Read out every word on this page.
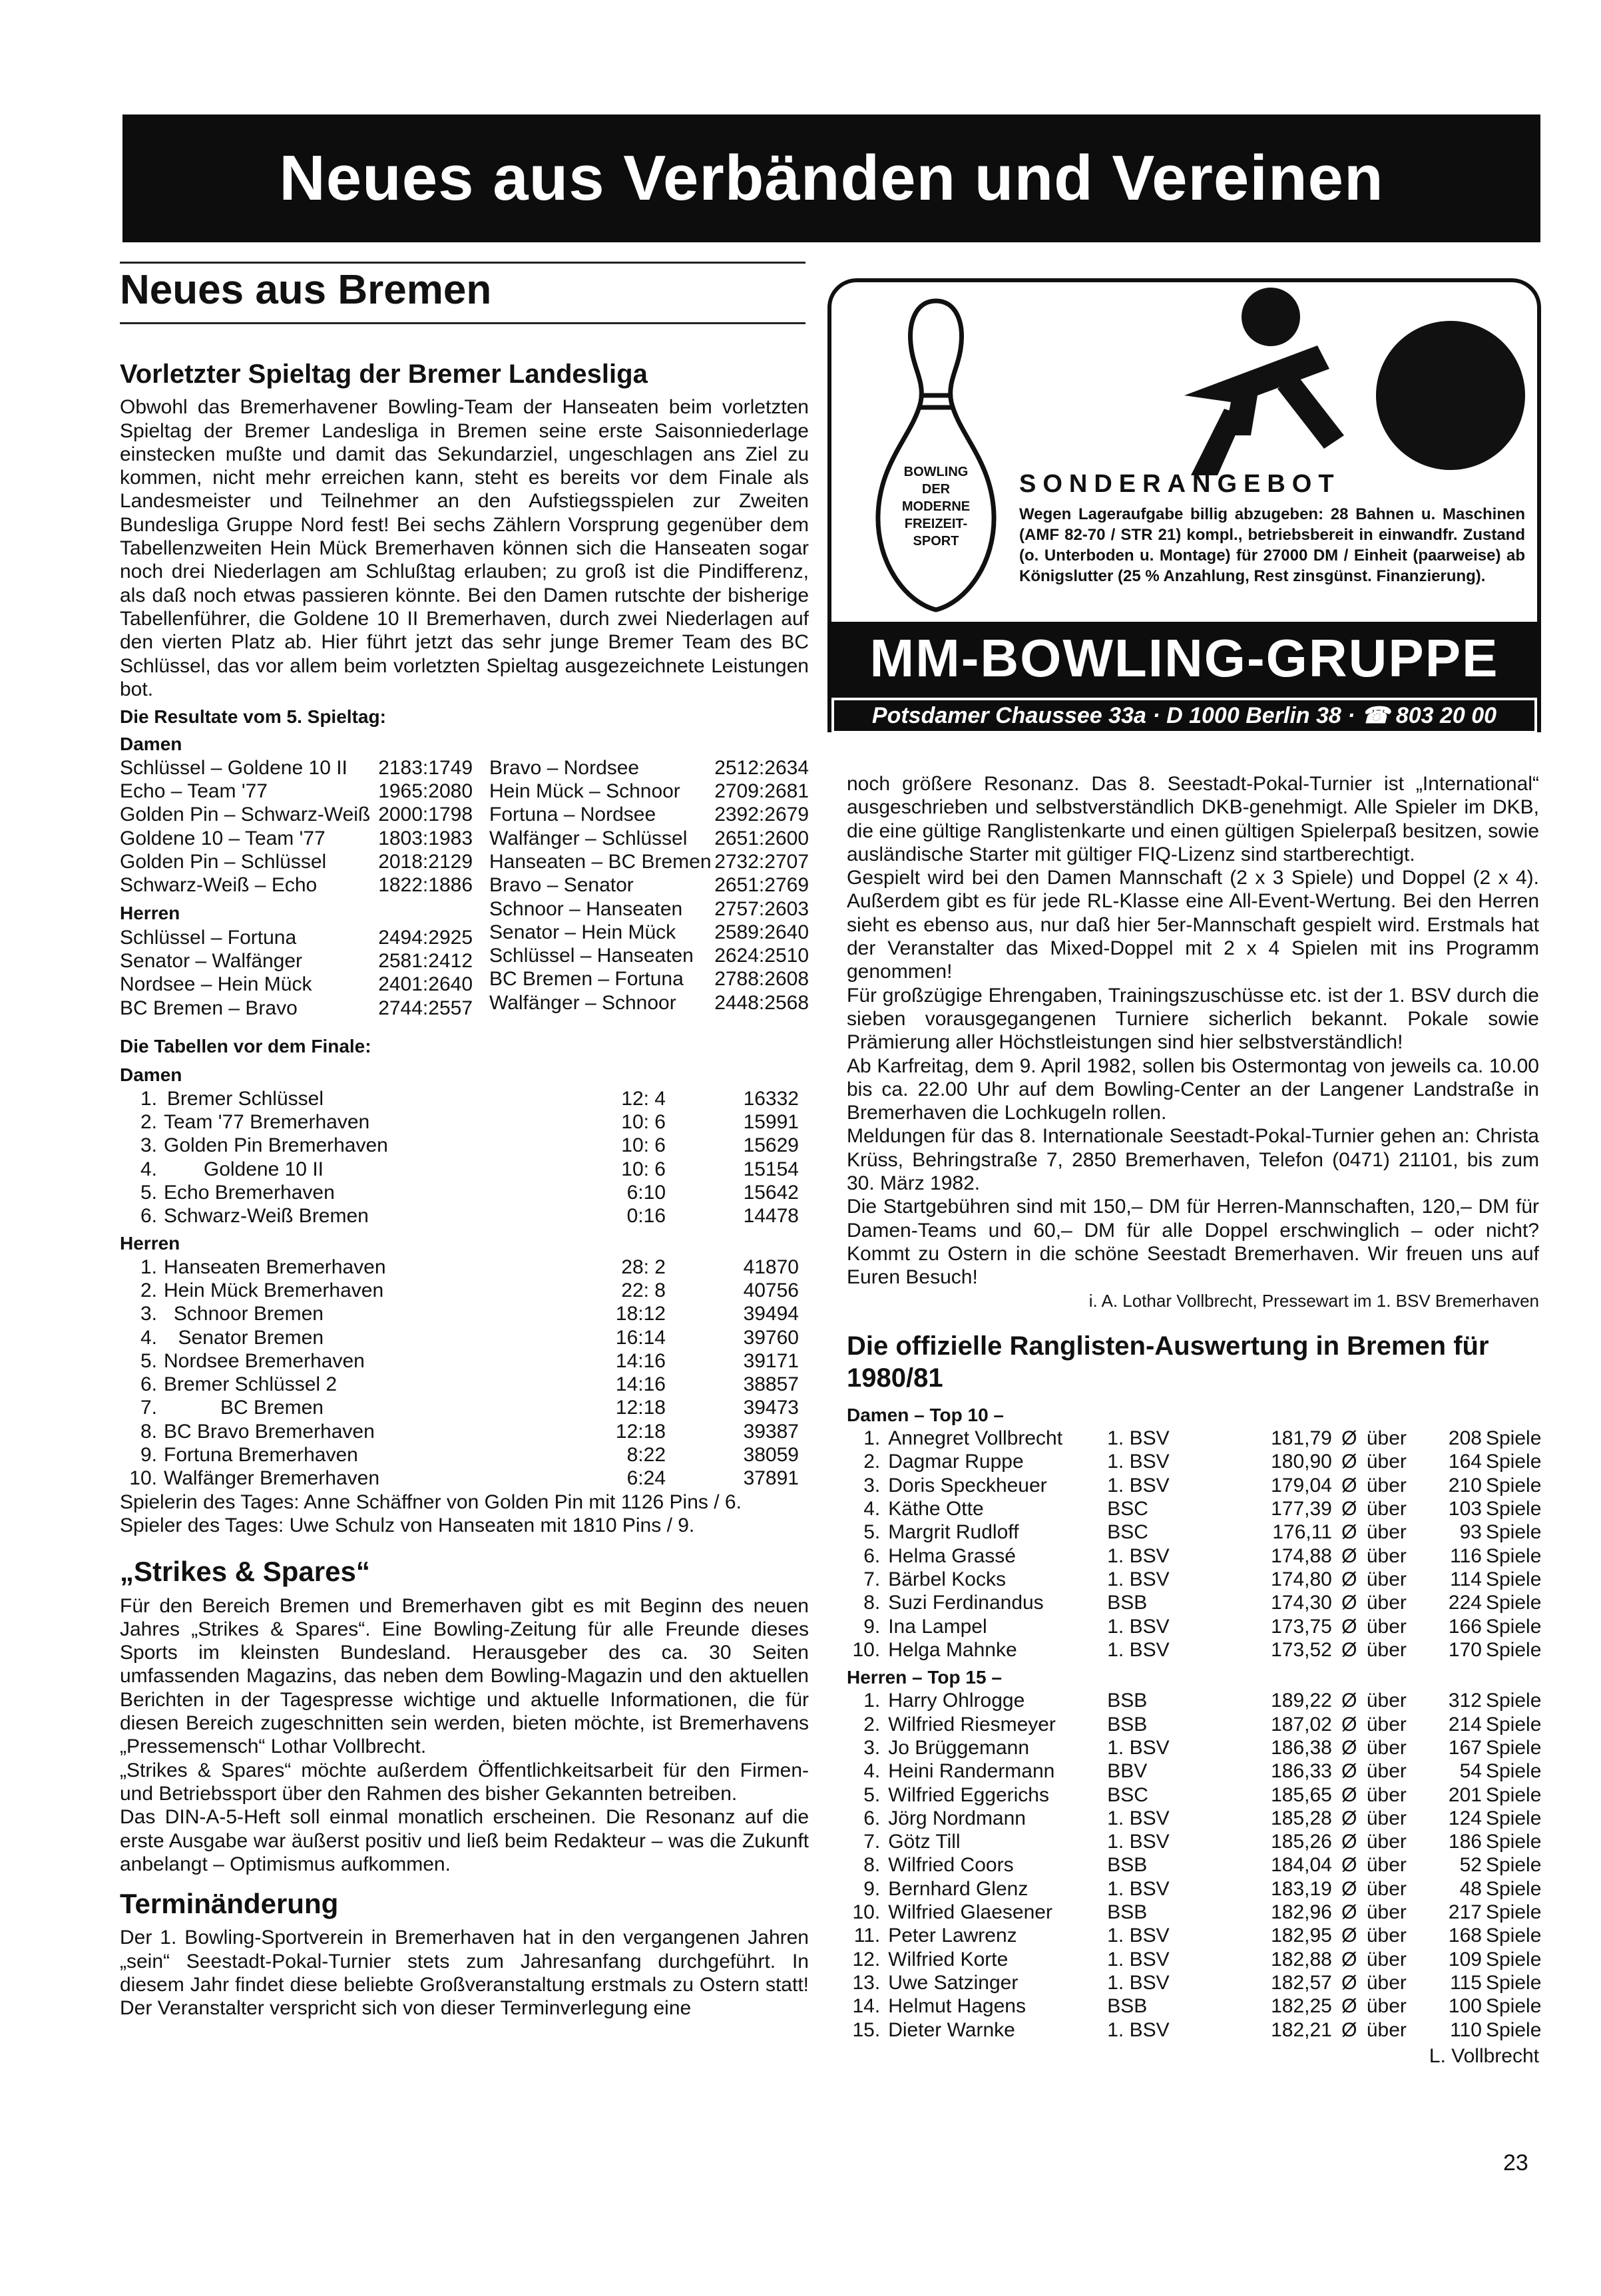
Neues aus Verbänden und Vereinen
Neues aus Bremen
Vorletzter Spieltag der Bremer Landesliga

Obwohl das Bremerhavener Bowling-Team der Hanseaten beim vorletzten Spieltag der Bremer Landesliga in Bremen seine erste Saisonniederlage einstecken mußte und damit das Sekundarziel, ungeschlagen ans Ziel zu kommen, nicht mehr erreichen kann, steht es bereits vor dem Finale als Landesmeister und Teilnehmer an den Aufstiegsspielen zur Zweiten Bundesliga Gruppe Nord fest! Bei sechs Zählern Vorsprung gegenüber dem Tabellenzweiten Hein Mück Bremerhaven können sich die Hanseaten sogar noch drei Niederlagen am Schlußtag erlauben; zu groß ist die Pindifferenz, als daß noch etwas passieren könnte. Bei den Damen rutschte der bisherige Tabellenführer, die Goldene 10 II Bremerhaven, durch zwei Niederlagen auf den vierten Platz ab. Hier führt jetzt das sehr junge Bremer Team des BC Schlüssel, das vor allem beim vorletzten Spieltag ausgezeichnete Leistungen bot.

Die Resultate vom 5. Spieltag:
Damen
Schlüssel – Goldene 10 II	2183:1749
Echo – Team '77	1965:2080
Golden Pin – Schwarz-Weiß 2000:1798
Goldene 10 – Team '77	1803:1983
Golden Pin – Schlüssel	2018:2129
Schwarz-Weiß – Echo	1822:1886
Herren
Schlüssel – Fortuna	2494:2925
Senator – Walfänger	2581:2412
Nordsee – Hein Mück	2401:2640
BC Bremen – Bravo	2744:2557
Bravo – Nordsee	2512:2634
Hein Mück – Schnoor	2709:2681
Fortuna – Nordsee	2392:2679
Walfänger – Schlüssel	2651:2600
Hanseaten – BC Bremen 2732:2707
Bravo – Senator	2651:2769
Schnoor – Hanseaten	2757:2603
Senator – Hein Mück	2589:2640
Schlüssel – Hanseaten	2624:2510
BC Bremen – Fortuna	2788:2608
Walfänger – Schnoor	2448:2568
Die Tabellen vor dem Finale:
Damen
1. Bremer Schlüssel	12: 4	16332
2. Team '77 Bremerhaven	10: 6	15991
3. Golden Pin Bremerhaven	10: 6	15629
4.	Goldene 10 II	10: 6	15154
5. Echo Bremerhaven	6:10	15642
6. Schwarz-Weiß Bremen	0:16	14478
Herren
1. Hanseaten Bremerhaven	28: 2	41870
2. Hein Mück Bremerhaven	22: 8	40756
3. Schnoor Bremen	18:12	39494
4.	Senator Bremen	16:14	39760
5. Nordsee Bremerhaven	14:16	39171
6. Bremer Schlüssel 2	14:16	38857
7.	BC Bremen	12:18	39473
8. BC Bravo Bremerhaven	12:18	39387
9. Fortuna Bremerhaven	8:22	38059
10. Walfänger Bremerhaven	6:24	37891

Spielerin des Tages: Anne Schäffner von Golden Pin mit 1126 Pins / 6.

Spieler des Tages: Uwe Schulz von Hanseaten mit 1810 Pins / 9.

„Strikes & Spares“

Für den Bereich Bremen und Bremerhaven gibt es mit Beginn des neuen Jahres „Strikes & Spares“. Eine Bowling-Zeitung für alle Freunde dieses Sports im kleinsten Bundesland. Herausgeber des ca. 30 Seiten umfassenden Magazins, das neben dem Bowling-Magazin und den aktuellen Berichten in der Tagespresse wichtige und aktuelle Informationen, die für diesen Bereich zugeschnitten sein werden, bieten möchte, ist Bremerhavens „Pressemensch“ Lothar Vollbrecht.

„Strikes & Spares“ möchte außerdem Öffentlichkeitsarbeit für den Firmen- und Betriebssport über den Rahmen des bisher Gekannten betreiben.

Das DIN-A-5-Heft soll einmal monatlich erscheinen. Die Resonanz auf die erste Ausgabe war äußerst positiv und ließ beim Redakteur – was die Zukunft anbelangt – Optimismus aufkommen.

Terminänderung

Der 1. Bowling-Sportverein in Bremerhaven hat in den vergangenen Jahren „sein“ Seestadt-Pokal-Turnier stets zum Jahresanfang durchgeführt. In diesem Jahr findet diese beliebte Großveranstaltung erstmals zu Ostern statt! Der Veranstalter verspricht sich von dieser Terminverlegung eine

BOWLING
DER
MODERNE
FREIZEIT-
SPORT
SONDERANGEBOT
Wegen Lageraufgabe billig abzugeben: 28 Bahnen u. Maschinen (AMF 82-70 / STR 21) kompl., betriebsbereit in einwandfr. Zustand (o. Unterboden u. Montage) für 27000 DM / Einheit (paarweise) ab Königslutter (25 % Anzahlung, Rest zinsgünst. Finanzierung).
MM-BOWLING-GRUPPE
Potsdamer Chaussee 33a · D 1000 Berlin 38 · ☎ 803 20 00

noch größere Resonanz. Das 8. Seestadt-Pokal-Turnier ist „International“ ausgeschrieben und selbstverständlich DKB-genehmigt. Alle Spieler im DKB, die eine gültige Ranglistenkarte und einen gültigen Spielerpaß besitzen, sowie ausländische Starter mit gültiger FIQ-Lizenz sind startberechtigt.

Gespielt wird bei den Damen Mannschaft (2 x 3 Spiele) und Doppel (2 x 4). Außerdem gibt es für jede RL-Klasse eine All-Event-Wertung. Bei den Herren sieht es ebenso aus, nur daß hier 5er-Mannschaft gespielt wird. Erstmals hat der Veranstalter das Mixed-Doppel mit 2 x 4 Spielen mit ins Programm genommen!

Für großzügige Ehrengaben, Trainingszuschüsse etc. ist der 1. BSV durch die sieben vorausgegangenen Turniere sicherlich bekannt. Pokale sowie Prämierung aller Höchstleistungen sind hier selbstverständlich!

Ab Karfreitag, dem 9. April 1982, sollen bis Ostermontag von jeweils ca. 10.00 bis ca. 22.00 Uhr auf dem Bowling-Center an der Langener Landstraße in Bremerhaven die Lochkugeln rollen.

Meldungen für das 8. Internationale Seestadt-Pokal-Turnier gehen an: Christa Krüss, Behringstraße 7, 2850 Bremerhaven, Telefon (0471) 21101, bis zum 30. März 1982.

Die Startgebühren sind mit 150,– DM für Herren-Mannschaften, 120,– DM für Damen-Teams und 60,– DM für alle Doppel erschwinglich – oder nicht? Kommt zu Ostern in die schöne Seestadt Bremerhaven. Wir freuen uns auf Euren Besuch!

i. A. Lothar Vollbrecht, Pressewart im 1. BSV Bremerhaven
Die offizielle Ranglisten-Auswertung in Bremen für 1980/81
Damen – Top 10 –
1. Annegret Vollbrecht	1. BSV	181,79 Ø über	208 Spiele
2. Dagmar Ruppe	1. BSV	180,90 Ø über	164 Spiele
3. Doris Speckheuer	1. BSV	179,04 Ø über	210 Spiele
4. Käthe Otte	BSC	177,39 Ø über	103 Spiele
5. Margrit Rudloff	BSC	176,11 Ø über	93 Spiele
6. Helma Grassé	1. BSV	174,88 Ø über	116 Spiele
7. Bärbel Kocks	1. BSV	174,80 Ø über	114 Spiele
8. Suzi Ferdinandus	BSB	174,30 Ø über	224 Spiele
9. Ina Lampel	1. BSV	173,75 Ø über	166 Spiele
10. Helga Mahnke	1. BSV	173,52 Ø über	170 Spiele
Herren – Top 15 –
1. Harry Ohlrogge	BSB	189,22 Ø über	312 Spiele
2. Wilfried Riesmeyer	BSB	187,02 Ø über	214 Spiele
3. Jo Brüggemann	1. BSV	186,38 Ø über	167 Spiele
4. Heini Randermann	BBV	186,33 Ø über	54 Spiele
5. Wilfried Eggerichs	BSC	185,65 Ø über	201 Spiele
6. Jörg Nordmann	1. BSV	185,28 Ø über	124 Spiele
7. Götz Till	1. BSV	185,26 Ø über	186 Spiele
8. Wilfried Coors	BSB	184,04 Ø über	52 Spiele
9. Bernhard Glenz	1. BSV	183,19 Ø über	48 Spiele
10. Wilfried Glaesener	BSB	182,96 Ø über	217 Spiele
11. Peter Lawrenz	1. BSV	182,95 Ø über	168 Spiele
12. Wilfried Korte	1. BSV	182,88 Ø über	109 Spiele
13. Uwe Satzinger	1. BSV	182,57 Ø über	115 Spiele
14. Helmut Hagens	BSB	182,25 Ø über	100 Spiele
15. Dieter Warnke	1. BSV	182,21 Ø über	110 Spiele
L. Vollbrecht
23
